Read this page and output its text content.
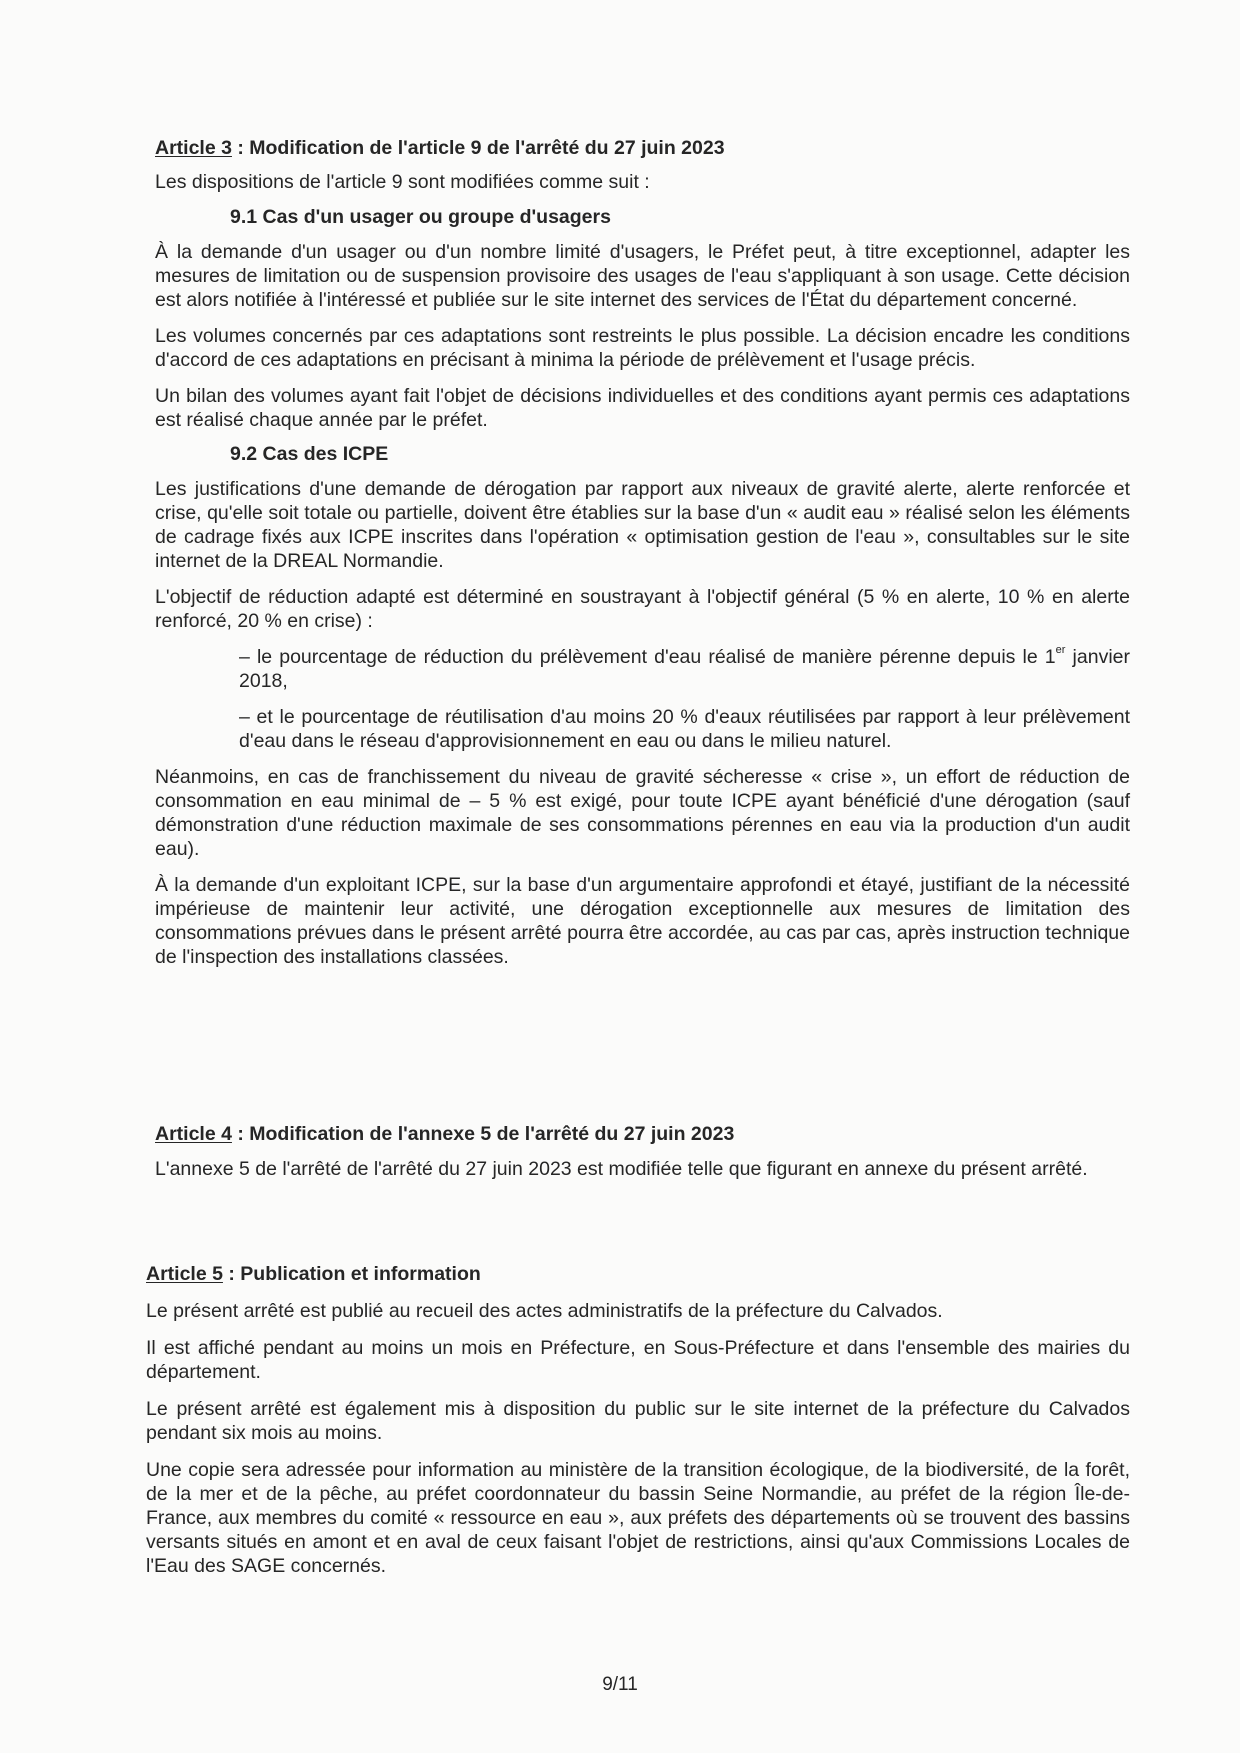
Article 3 : Modification de l'article 9 de l'arrêté du 27 juin 2023

Les dispositions de l'article 9 sont modifiées comme suit :

9.1 Cas d'un usager ou groupe d'usagers

À la demande d'un usager ou d'un nombre limité d'usagers, le Préfet peut, à titre exceptionnel, adapter les mesures de limitation ou de suspension provisoire des usages de l'eau s'appliquant à son usage. Cette décision est alors notifiée à l'intéressé et publiée sur le site internet des services de l'État du département concerné.

Les volumes concernés par ces adaptations sont restreints le plus possible. La décision encadre les conditions d'accord de ces adaptations en précisant à minima la période de prélèvement et l'usage précis.

Un bilan des volumes ayant fait l'objet de décisions individuelles et des conditions ayant permis ces adaptations est réalisé chaque année par le préfet.

9.2 Cas des ICPE

Les justifications d'une demande de dérogation par rapport aux niveaux de gravité alerte, alerte renforcée et crise, qu'elle soit totale ou partielle, doivent être établies sur la base d'un « audit eau » réalisé selon les éléments de cadrage fixés aux ICPE inscrites dans l'opération « optimisation gestion de l'eau », consultables sur le site internet de la DREAL Normandie.

L'objectif de réduction adapté est déterminé en soustrayant à l'objectif général (5 % en alerte, 10 % en alerte renforcé, 20 % en crise) :

– le pourcentage de réduction du prélèvement d'eau réalisé de manière pérenne depuis le 1er janvier 2018,

– et le pourcentage de réutilisation d'au moins 20 % d'eaux réutilisées par rapport à leur prélèvement d'eau dans le réseau d'approvisionnement en eau ou dans le milieu naturel.

Néanmoins, en cas de franchissement du niveau de gravité sécheresse « crise », un effort de réduction de consommation en eau minimal de – 5 % est exigé, pour toute ICPE ayant bénéficié d'une dérogation (sauf démonstration d'une réduction maximale de ses consommations pérennes en eau via la production d'un audit eau).

À la demande d'un exploitant ICPE, sur la base d'un argumentaire approfondi et étayé, justifiant de la nécessité impérieuse de maintenir leur activité, une dérogation exceptionnelle aux mesures de limitation des consommations prévues dans le présent arrêté pourra être accordée, au cas par cas, après instruction technique de l'inspection des installations classées.

Article 4 : Modification de l'annexe 5 de l'arrêté du 27 juin 2023

L'annexe 5 de l'arrêté de l'arrêté du 27 juin 2023 est modifiée telle que figurant en annexe du présent arrêté.

Article 5 : Publication et information

Le présent arrêté est publié au recueil des actes administratifs de la préfecture du Calvados.

Il est affiché pendant au moins un mois en Préfecture, en Sous-Préfecture et dans l'ensemble des mairies du département.

Le présent arrêté est également mis à disposition du public sur le site internet de la préfecture du Calvados pendant six mois au moins.

Une copie sera adressée pour information au ministère de la transition écologique, de la biodiversité, de la forêt, de la mer et de la pêche, au préfet coordonnateur du bassin Seine Normandie, au préfet de la région Île-de-France, aux membres du comité « ressource en eau », aux préfets des départements où se trouvent des bassins versants situés en amont et en aval de ceux faisant l'objet de restrictions, ainsi qu'aux Commissions Locales de l'Eau des SAGE concernés.

9/11
